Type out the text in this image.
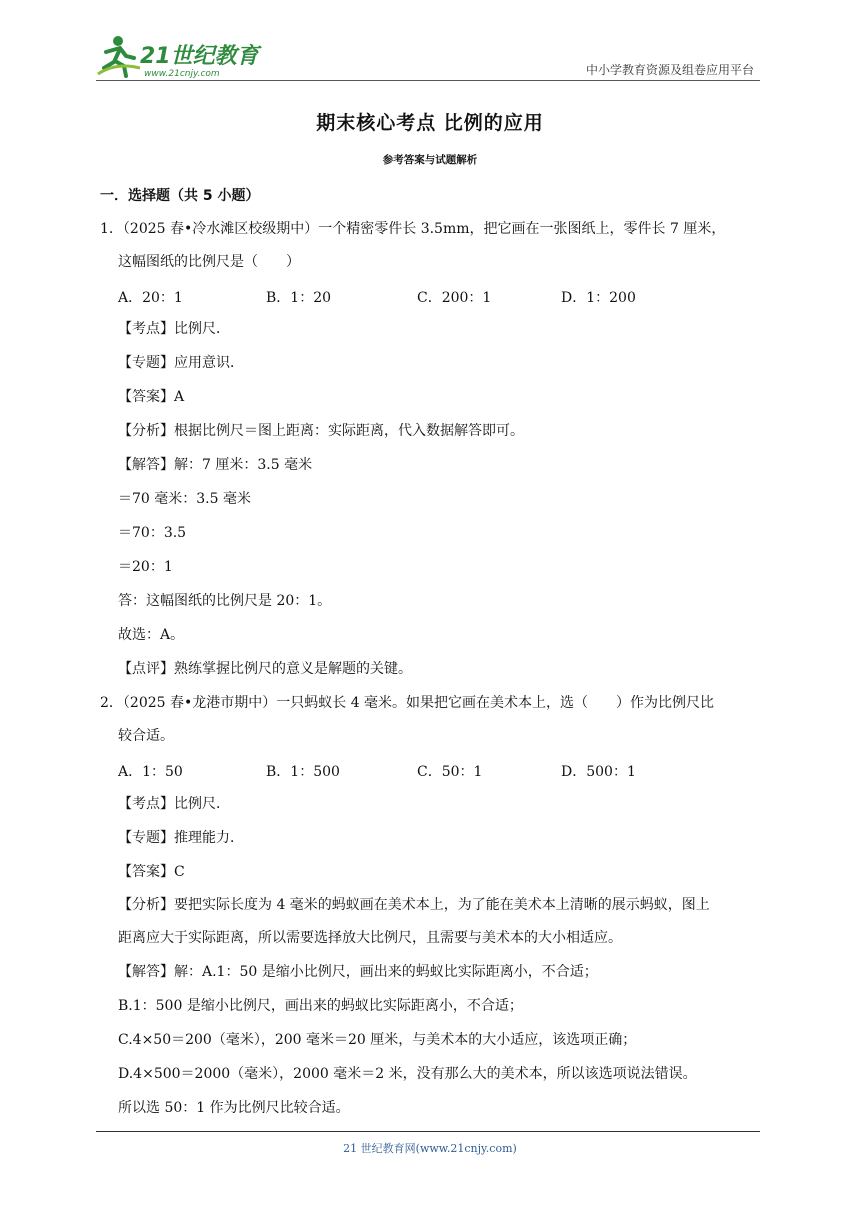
21世纪教育
www.21cnjy.com	中小学教育资源及组卷应用平台
期末核心考点 比例的应用
参考答案与试题解析
一．选择题（共 5 小题）
1．（2025 春•冷水滩区校级期中）一个精密零件长 3.5mm，把它画在一张图纸上，零件长 7 厘米，
这幅图纸的比例尺是（　　）
A．20：1	B．1：20	C．200：1	D．1：200
【考点】比例尺．
【专题】应用意识．
【答案】A
【分析】根据比例尺＝图上距离：实际距离，代入数据解答即可。
【解答】解：7 厘米：3.5 毫米
＝70 毫米：3.5 毫米
＝70：3.5
＝20：1
答：这幅图纸的比例尺是 20：1。
故选：A。
【点评】熟练掌握比例尺的意义是解题的关键。
2．（2025 春•龙港市期中）一只蚂蚁长 4 毫米。如果把它画在美术本上，选（　　）作为比例尺比
较合适。
A．1：50	B．1：500	C．50：1	D．500：1
【考点】比例尺．
【专题】推理能力．
【答案】C
【分析】要把实际长度为 4 毫米的蚂蚁画在美术本上，为了能在美术本上清晰的展示蚂蚁，图上
距离应大于实际距离，所以需要选择放大比例尺，且需要与美术本的大小相适应。
【解答】解：A.1：50 是缩小比例尺，画出来的蚂蚁比实际距离小，不合适；
B.1：500 是缩小比例尺，画出来的蚂蚁比实际距离小，不合适；
C.4×50＝200（毫米），200 毫米＝20 厘米，与美术本的大小适应，该选项正确；
D.4×500＝2000（毫米），2000 毫米＝2 米，没有那么大的美术本，所以该选项说法错误。
所以选 50：1 作为比例尺比较合适。
21 世纪教育网(www.21cnjy.com)
